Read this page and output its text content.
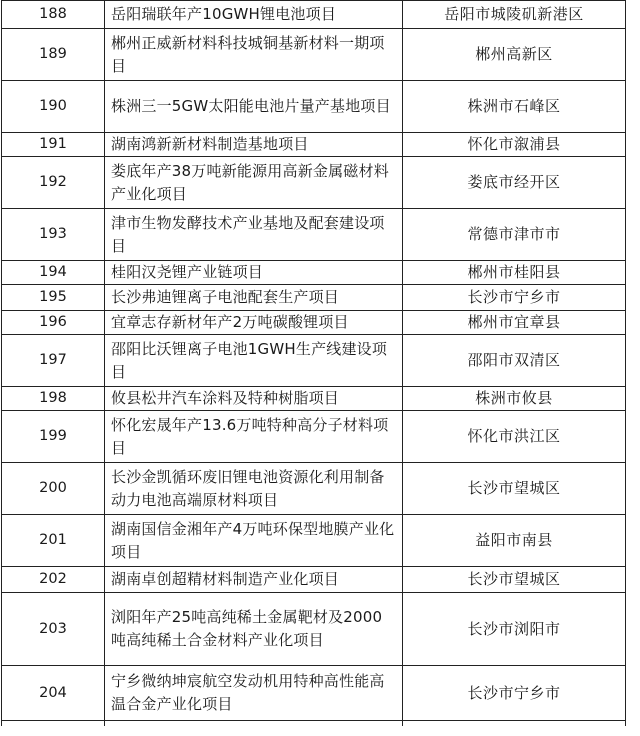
188	岳阳瑞联年产10GWH锂电池项目	岳阳市城陵矶新港区
189	郴州正威新材料科技城铜基新材料一期项目	郴州高新区
190	株洲三一5GW太阳能电池片量产基地项目	株洲市石峰区
191	湖南鸿新新材料制造基地项目	怀化市溆浦县
192	娄底年产38万吨新能源用高新金属磁材料产业化项目	娄底市经开区
193	津市生物发酵技术产业基地及配套建设项目	常德市津市市
194	桂阳汉尧锂产业链项目	郴州市桂阳县
195	长沙弗迪锂离子电池配套生产项目	长沙市宁乡市
196	宜章志存新材年产2万吨碳酸锂项目	郴州市宜章县
197	邵阳比沃锂离子电池1GWH生产线建设项目	邵阳市双清区
198	攸县松井汽车涂料及特种树脂项目	株洲市攸县
199	怀化宏晟年产13.6万吨特种高分子材料项目	怀化市洪江区
200	长沙金凯循环废旧锂电池资源化利用制备动力电池高端原材料项目	长沙市望城区
201	湖南国信金湘年产4万吨环保型地膜产业化项目	益阳市南县
202	湖南卓创超精材料制造产业化项目	长沙市望城区
203	浏阳年产25吨高纯稀土金属靶材及2000吨高纯稀土合金材料产业化项目	长沙市浏阳市
204	宁乡微纳坤宸航空发动机用特种高性能高温合金产业化项目	长沙市宁乡市
